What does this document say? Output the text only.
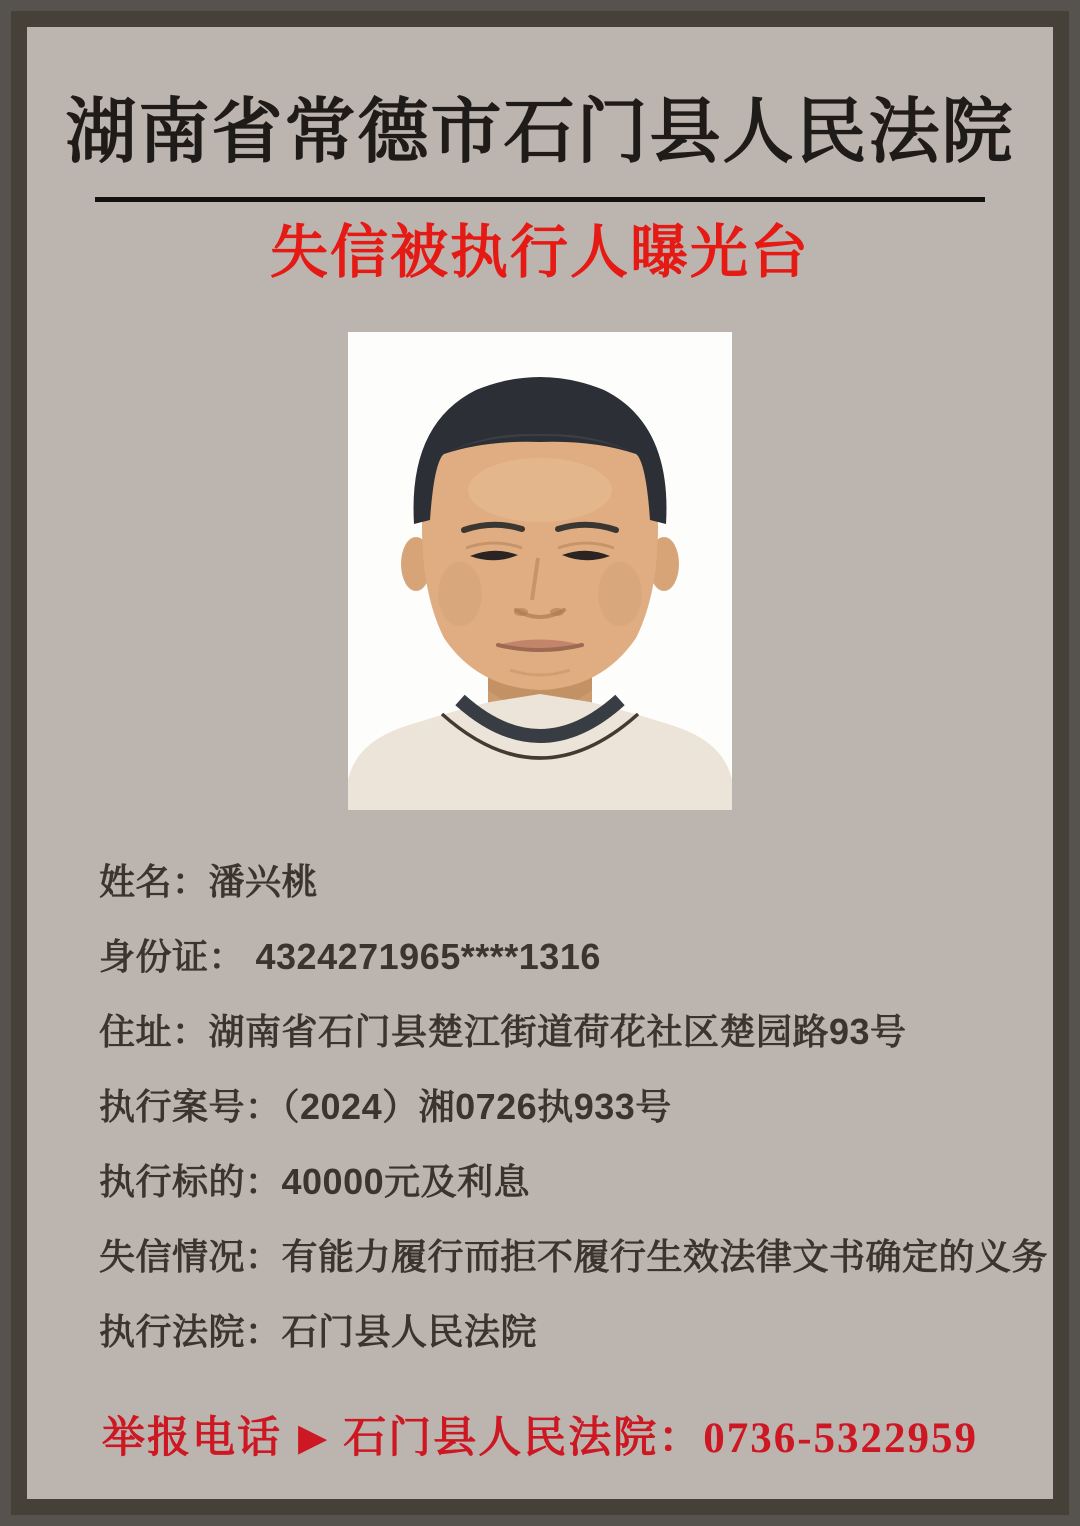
湖南省常德市石门县人民法院
失信被执行人曝光台
姓名：潘兴桃
身份证： 4324271965****1316
住址：湖南省石门县楚江街道荷花社区楚园路93号
执行案号：（2024）湘0726执933号
执行标的：40000元及利息
失信情况：有能力履行而拒不履行生效法律文书确定的义务
执行法院：石门县人民法院
举报电话 ▶ 石门县人民法院：0736-5322959
